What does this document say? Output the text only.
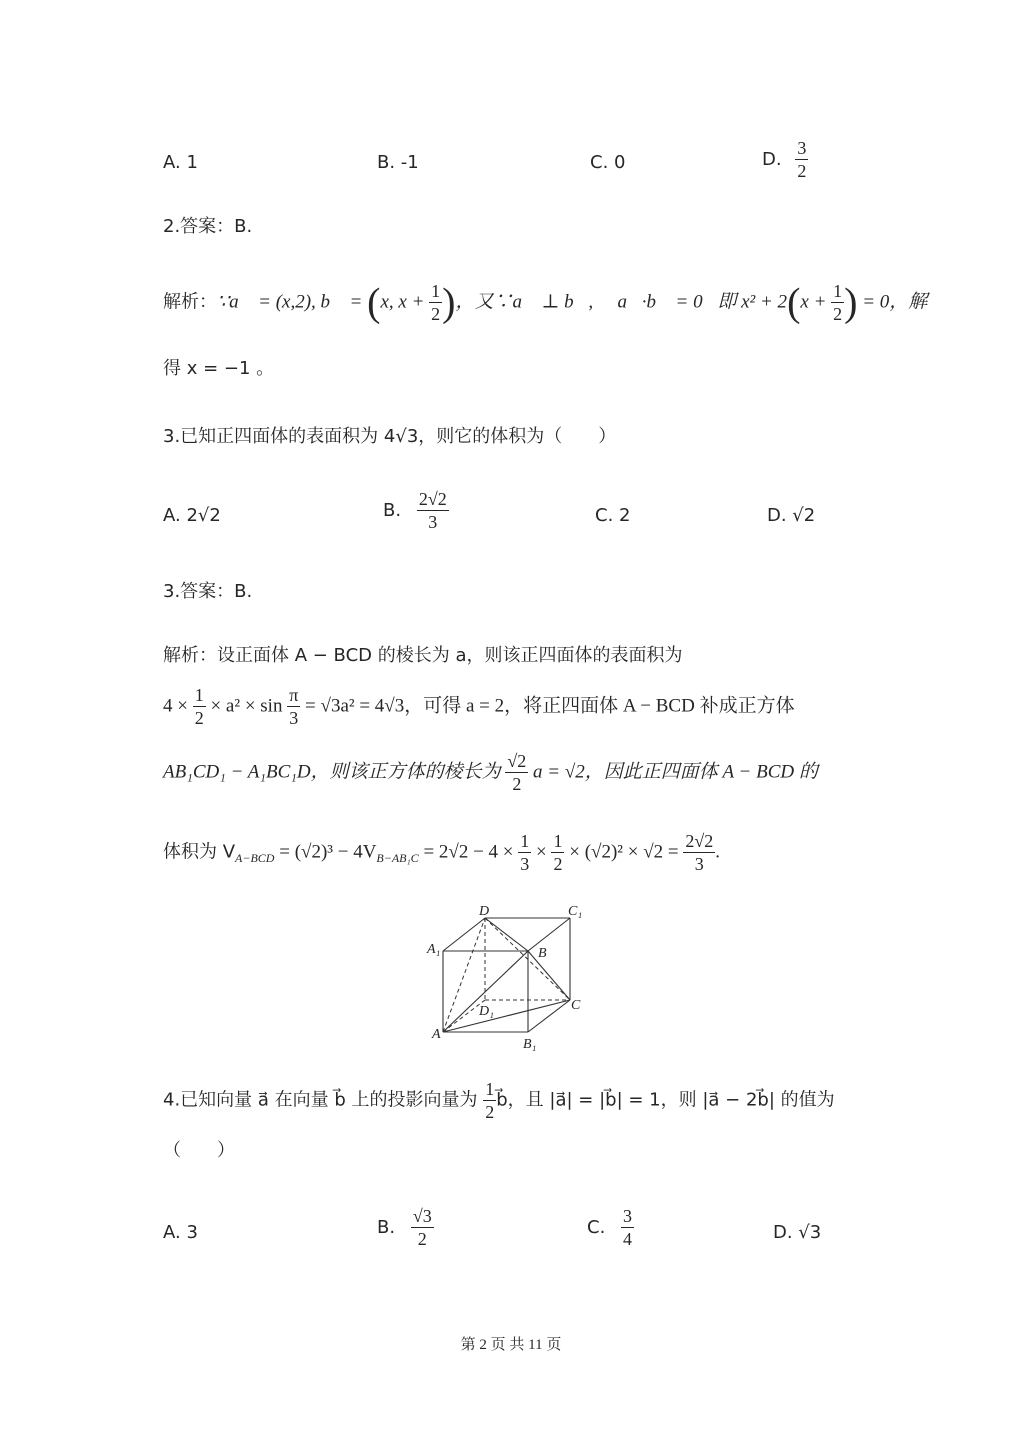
A. 1	B. -1	C. 0	D. $\frac{3}{2}$
2.答案：B.
解析：∵a⃗ = (x,2), b⃗ = (x, $x + \frac{1}{2}$ )，又∵a⃗ ⊥ b⃗, ∴ a⃗·b⃗ = 0，即 $x^2 + 2(x + \frac{1}{2}$ ) = 0，解
得 x = −1 。
3.已知正四面体的表面积为 4√3，则它的体积为（　　）
A. 2√2	B. $\frac{2√2}{3}$	C. 2	D. √2
3.答案：B.
解析：设正面体 A − BCD 的棱长为 a，则该正四面体的表面积为
$4 \times \frac{1}{2} \times a^2 \times \sin \frac{\pi}{3} = √3a^2 = 4√3$，可得 a = 2，将正四面体 A − BCD 补成正方体
AB₁CD₁ − A₁BC₁D，则该正方体的棱长为 $\frac{√2}{2}$ a = √2，因此正四面体 A − BCD 的
体积为 $V_{A-BCD} = (√2)^3 - 4V_{B-AB_1C} = 2√2 - 4 \times \frac{1}{3} \times \frac{1}{2} \times (√2)^2 \times √2 = \frac{2√2}{3}$ .
D	C₁
A₁	B
D₁	C
A
B₁
4.已知向量 a⃗ 在向量 b⃗ 上的投影向量为 $\frac{1}{2}$ b⃗，且 |a⃗| = |b⃗| = 1，则 |a⃗ − 2b⃗| 的值为
（　　）
A. 3	B. $\frac{√3}{2}$	C. $\frac{3}{4}$	D. √3
第 2 页 共 11 页
